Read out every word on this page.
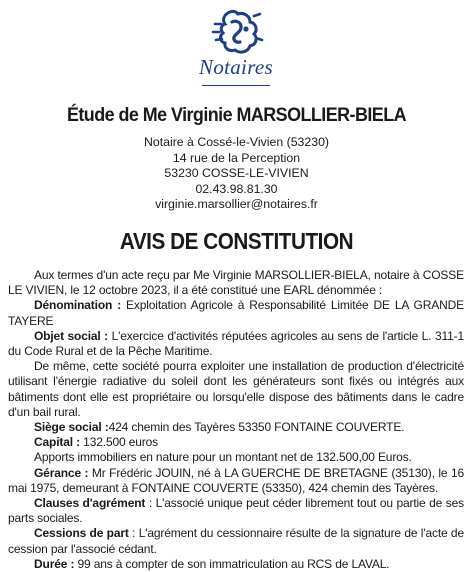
Notaires
Étude de Me Virginie MARSOLLIER-BIELA
Notaire à Cossé-le-Vivien (53230)
14 rue de la Perception
53230 COSSE-LE-VIVIEN
02.43.98.81.30
virginie.marsollier@notaires.fr
AVIS DE CONSTITUTION

Aux termes d'un acte reçu par Me Virginie MARSOLLIER-BIELA, notaire à COSSE LE VIVIEN, le 12 octobre 2023, il a été constitué une EARL dénommée :

Dénomination : Exploitation Agricole à Responsabilité Limitée DE LA GRANDE TAYERE

Objet social : L'exercice d'activités réputées agricoles au sens de l'article L. 311-1 du Code Rural et de la Pêche Maritime.

De même, cette société pourra exploiter une installation de production d'électricité utilisant l'énergie radiative du soleil dont les générateurs sont fixés ou intégrés aux bâtiments dont elle est propriétaire ou lorsqu'elle dispose des bâtiments dans le cadre d'un bail rural.

Siège social :424 chemin des Tayères 53350 FONTAINE COUVERTE.

Capital : 132.500 euros

Apports immobiliers en nature pour un montant net de 132.500,00 Euros.

Gérance : Mr Frédéric JOUIN, né à LA GUERCHE DE BRETAGNE (35130), le 16 mai 1975, demeurant à FONTAINE COUVERTE (53350), 424 chemin des Tayères.

Clauses d'agrément : L'associé unique peut céder librement tout ou partie de ses parts sociales.

Cessions de part : L'agrément du cessionnaire résulte de la signature de l'acte de cession par l'associé cédant.

Durée : 99 ans à compter de son immatriculation au RCS de LAVAL.
